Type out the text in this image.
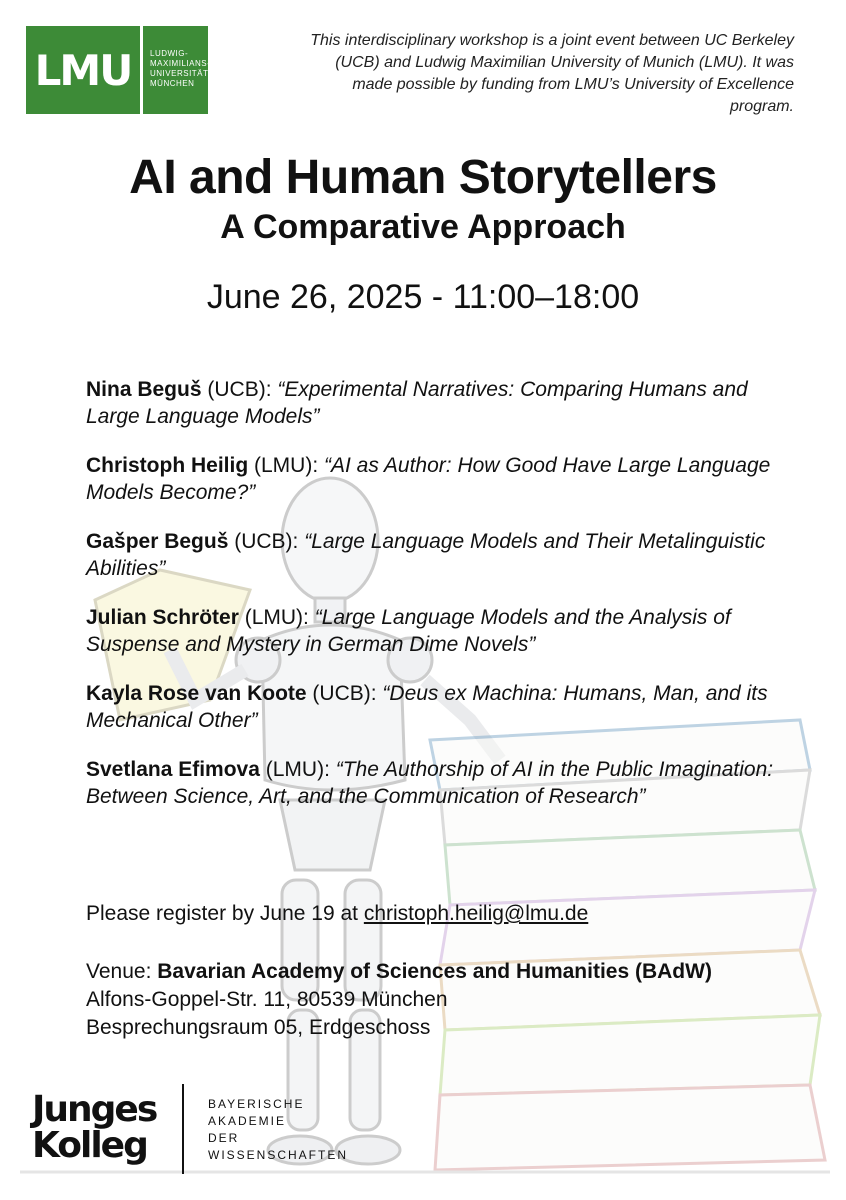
LMU	LUDWIG-
MAXIMILIANS-
UNIVERSITÄT
MÜNCHEN
This interdisciplinary workshop is a joint event between UC Berkeley (UCB) and Ludwig Maximilian University of Munich (LMU). It was made possible by funding from LMU’s University of Excellence program.
AI and Human Storytellers
A Comparative Approach
June 26, 2025 - 11:00–18:00
Nina Beguš (UCB): “Experimental Narratives: Comparing Humans and Large Language Models”
Christoph Heilig (LMU): “AI as Author: How Good Have Large Language Models Become?”
Gašper Beguš (UCB): “Large Language Models and Their Metalinguistic Abilities”
Julian Schröter (LMU): “Large Language Models and the Analysis of Suspense and Mystery in German Dime Novels”
Kayla Rose van Koote (UCB): “Deus ex Machina: Humans, Man, and its Mechanical Other”
Svetlana Efimova (LMU): “The Authorship of AI in the Public Imagination: Between Science, Art, and the Communication of Research”
Please register by June 19 at christoph.heilig@lmu.de
Venue: Bavarian Academy of Sciences and Humanities (BAdW)
Alfons-Goppel-Str. 11, 80539 München
Besprechungsraum 05, Erdgeschoss
Junges
Kolleg
BAYERISCHE
AKADEMIE
DER
WISSENSCHAFTEN
